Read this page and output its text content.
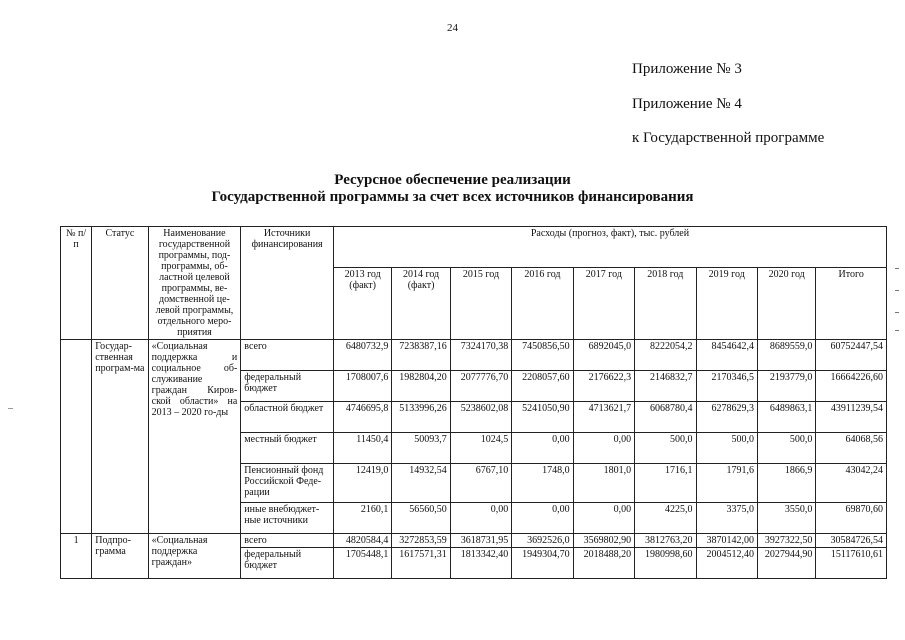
24
Приложение № 3
Приложение № 4
к Государственной программе
Ресурсное обеспечение реализации
Государственной программы за счет всех источников финансирования
№ п/п	Статус	Наименование государственной программы, под-программы, об-ластной целевой программы, ве-домственной це-левой программы, отдельного меро-приятия	Источники финансирования	Расходы (прогноз, факт), тыс. рублей								
				2013 год (факт)	2014 год (факт)	2015 год	2016 год	2017 год	2018 год	2019 год	2020 год	Итого
	Государ-ственная програм-ма	«Социальная поддержка и социальное об-служивание граждан Киров-ской области» на 2013 – 2020 го-ды	всего	6480732,9	7238387,16	7324170,38	7450856,50	6892045,0	8222054,2	8454642,4	8689559,0	60752447,54
			федеральный бюджет	1708007,6	1982804,20	2077776,70	2208057,60	2176622,3	2146832,7	2170346,5	2193779,0	16664226,60
			областной бюджет	4746695,8	5133996,26	5238602,08	5241050,90	4713621,7	6068780,4	6278629,3	6489863,1	43911239,54
			местный бюджет	11450,4	50093,7	1024,5	0,00	0,00	500,0	500,0	500,0	64068,56
			Пенсионный фонд Российской Феде-рации	12419,0	14932,54	6767,10	1748,0	1801,0	1716,1	1791,6	1866,9	43042,24
			иные внебюджет-ные источники	2160,1	56560,50	0,00	0,00	0,00	4225,0	3375,0	3550,0	69870,60
1	Подпро-грамма	«Социальная поддержка граждан»	всего	4820584,4	3272853,59	3618731,95	3692526,0	3569802,90	3812763,20	3870142,00	3927322,50	30584726,54
			федеральный бюджет	1705448,1	1617571,31	1813342,40	1949304,70	2018488,20	1980998,60	2004512,40	2027944,90	15117610,61
